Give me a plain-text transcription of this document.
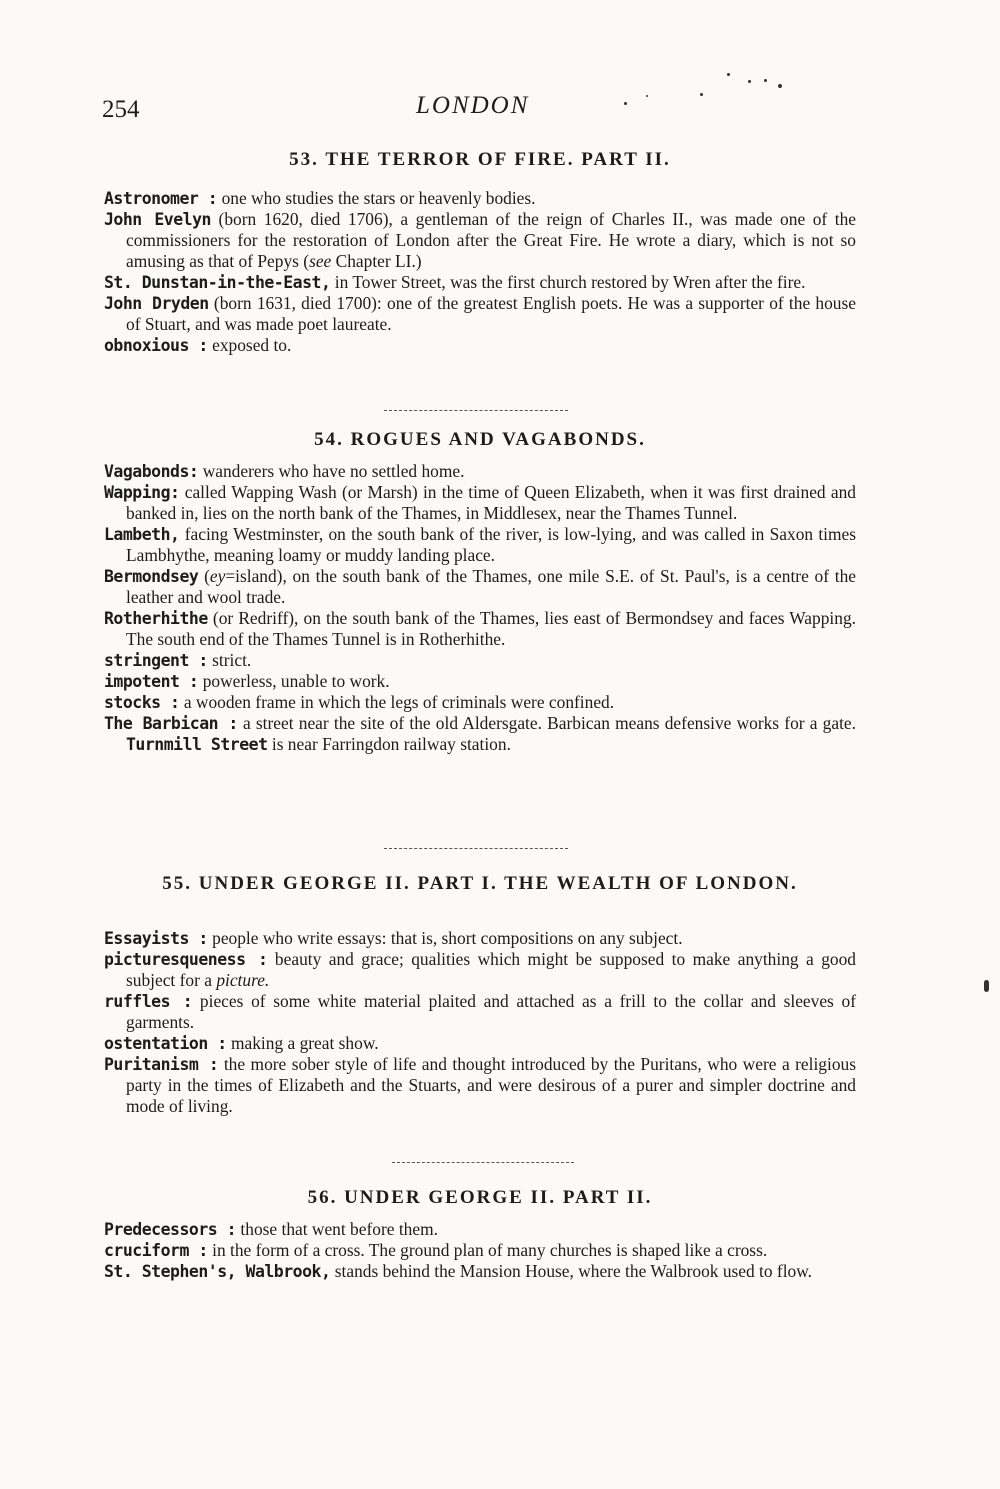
254	LONDON
53. THE TERROR OF FIRE. PART II.

Astronomer : one who studies the stars or heavenly bodies.

John Evelyn (born 1620, died 1706), a gentleman of the reign of Charles II., was made one of the commissioners for the restoration of London after the Great Fire. He wrote a diary, which is not so amusing as that of Pepys (see Chapter LI.)

St. Dunstan-in-the-East, in Tower Street, was the first church restored by Wren after the fire.

John Dryden (born 1631, died 1700): one of the greatest English poets. He was a supporter of the house of Stuart, and was made poet laureate.

obnoxious : exposed to.

54. ROGUES AND VAGABONDS.

Vagabonds: wanderers who have no settled home.

Wapping: called Wapping Wash (or Marsh) in the time of Queen Elizabeth, when it was first drained and banked in, lies on the north bank of the Thames, in Middlesex, near the Thames Tunnel.

Lambeth, facing Westminster, on the south bank of the river, is low-lying, and was called in Saxon times Lambhythe, meaning loamy or muddy landing place.

Bermondsey (ey=island), on the south bank of the Thames, one mile S.E. of St. Paul's, is a centre of the leather and wool trade.

Rotherhithe (or Redriff), on the south bank of the Thames, lies east of Bermondsey and faces Wapping. The south end of the Thames Tunnel is in Rotherhithe.

stringent : strict.

impotent : powerless, unable to work.

stocks : a wooden frame in which the legs of criminals were confined.

The Barbican : a street near the site of the old Aldersgate. Barbican means defensive works for a gate. Turnmill Street is near Farringdon railway station.

55. UNDER GEORGE II. PART I. THE WEALTH OF LONDON.

Essayists : people who write essays: that is, short compositions on any subject.

picturesqueness : beauty and grace; qualities which might be supposed to make anything a good subject for a picture.

ruffles : pieces of some white material plaited and attached as a frill to the collar and sleeves of garments.

ostentation : making a great show.

Puritanism : the more sober style of life and thought introduced by the Puritans, who were a religious party in the times of Elizabeth and the Stuarts, and were desirous of a purer and simpler doctrine and mode of living.

56. UNDER GEORGE II. PART II.

Predecessors : those that went before them.

cruciform : in the form of a cross. The ground plan of many churches is shaped like a cross.

St. Stephen's, Walbrook, stands behind the Mansion House, where the Walbrook used to flow.
